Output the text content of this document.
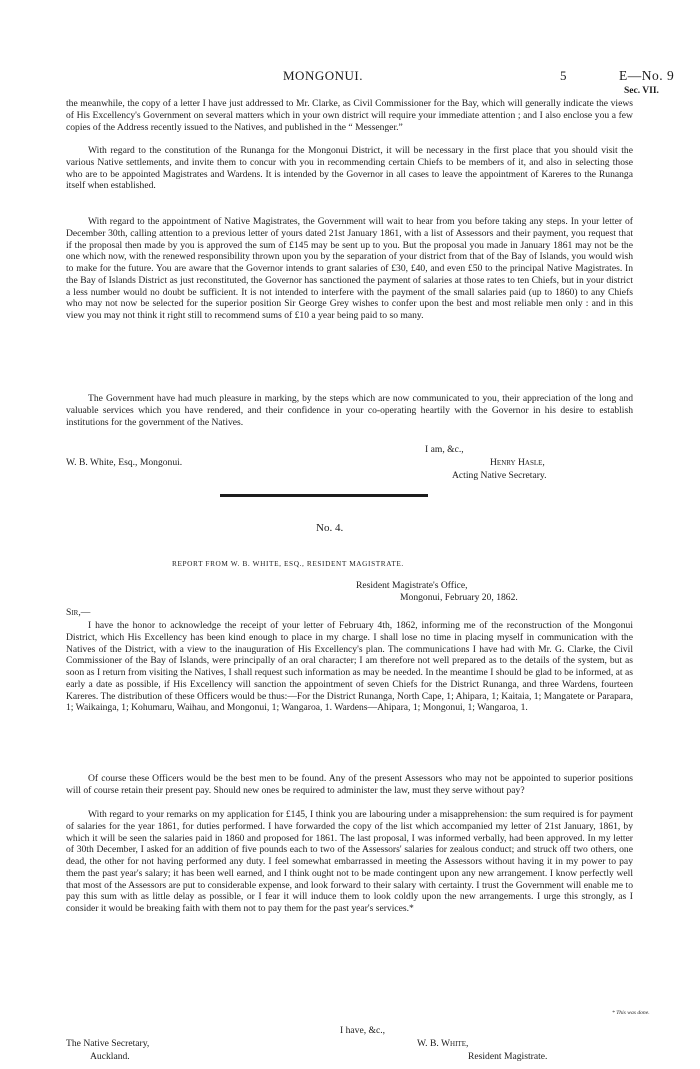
MONGONUI.	5	E—No. 9
Sec. VII.

the meanwhile, the copy of a letter I have just addressed to Mr. Clarke, as Civil Commissioner for the Bay, which will generally indicate the views of His Excellency's Government on several matters which in your own district will require your immediate attention ; and I also enclose you a few copies of the Address recently issued to the Natives, and published in the “ Messenger.”

With regard to the constitution of the Runanga for the Mongonui District, it will be necessary in the first place that you should visit the various Native settlements, and invite them to concur with you in recommending certain Chiefs to be members of it, and also in selecting those who are to be appointed Magistrates and Wardens. It is intended by the Governor in all cases to leave the appointment of Kareres to the Runanga itself when established.

With regard to the appointment of Native Magistrates, the Government will wait to hear from you before taking any steps. In your letter of December 30th, calling attention to a previous letter of yours dated 21st January 1861, with a list of Assessors and their payment, you request that if the proposal then made by you is approved the sum of £145 may be sent up to you. But the proposal you made in January 1861 may not be the one which now, with the renewed responsibility thrown upon you by the separation of your district from that of the Bay of Islands, you would wish to make for the future. You are aware that the Governor intends to grant salaries of £30, £40, and even £50 to the principal Native Magistrates. In the Bay of Islands District as just reconstituted, the Governor has sanctioned the payment of salaries at those rates to ten Chiefs, but in your district a less number would no doubt be sufficient. It is not intended to interfere with the payment of the small salaries paid (up to 1860) to any Chiefs who may not now be selected for the superior position Sir George Grey wishes to confer upon the best and most reliable men only : and in this view you may not think it right still to recommend sums of £10 a year being paid to so many.

The Government have had much pleasure in marking, by the steps which are now communicated to you, their appreciation of the long and valuable services which you have rendered, and their confidence in your co-operating heartily with the Governor in his desire to establish institutions for the government of the Natives.

I am, &c.,
W. B. White, Esq., Mongonui.	Henry Hasle,
Acting Native Secretary.
No. 4.
REPORT FROM W. B. WHITE, ESQ., RESIDENT MAGISTRATE.
Resident Magistrate's Office,
Mongonui, February 20, 1862.
Sir,—

I have the honor to acknowledge the receipt of your letter of February 4th, 1862, informing me of the reconstruction of the Mongonui District, which His Excellency has been kind enough to place in my charge. I shall lose no time in placing myself in communication with the Natives of the District, with a view to the inauguration of His Excellency's plan. The communications I have had with Mr. G. Clarke, the Civil Commissioner of the Bay of Islands, were principally of an oral character; I am therefore not well prepared as to the details of the system, but as soon as I return from visiting the Natives, I shall request such information as may be needed. In the meantime I should be glad to be informed, at as early a date as possible, if His Excellency will sanction the appointment of seven Chiefs for the District Runanga, and three Wardens, fourteen Kareres. The distribution of these Officers would be thus:—For the District Runanga, North Cape, 1; Ahipara, 1; Kaitaia, 1; Mangatete or Parapara, 1; Waikainga, 1; Kohumaru, Waihau, and Mongonui, 1; Wangaroa, 1. Wardens—Ahipara, 1; Mongonui, 1; Wangaroa, 1.

Of course these Officers would be the best men to be found. Any of the present Assessors who may not be appointed to superior positions will of course retain their present pay. Should new ones be required to administer the law, must they serve without pay?

With regard to your remarks on my application for £145, I think you are labouring under a misapprehension: the sum required is for payment of salaries for the year 1861, for duties performed. I have forwarded the copy of the list which accompanied my letter of 21st January, 1861, by which it will be seen the salaries paid in 1860 and proposed for 1861. The last proposal, I was informed verbally, had been approved. In my letter of 30th December, I asked for an addition of five pounds each to two of the Assessors' salaries for zealous conduct; and struck off two others, one dead, the other for not having performed any duty. I feel somewhat embarrassed in meeting the Assessors without having it in my power to pay them the past year's salary; it has been well earned, and I think ought not to be made contingent upon any new arrangement. I know perfectly well that most of the Assessors are put to considerable expense, and look forward to their salary with certainty. I trust the Government will enable me to pay this sum with as little delay as possible, or I fear it will induce them to look coldly upon the new arrangements. I urge this strongly, as I consider it would be breaking faith with them not to pay them for the past year's services.*

* This was done.
I have, &c.,
The Native Secretary,
Auckland.
W. B. White,
Resident Magistrate.
